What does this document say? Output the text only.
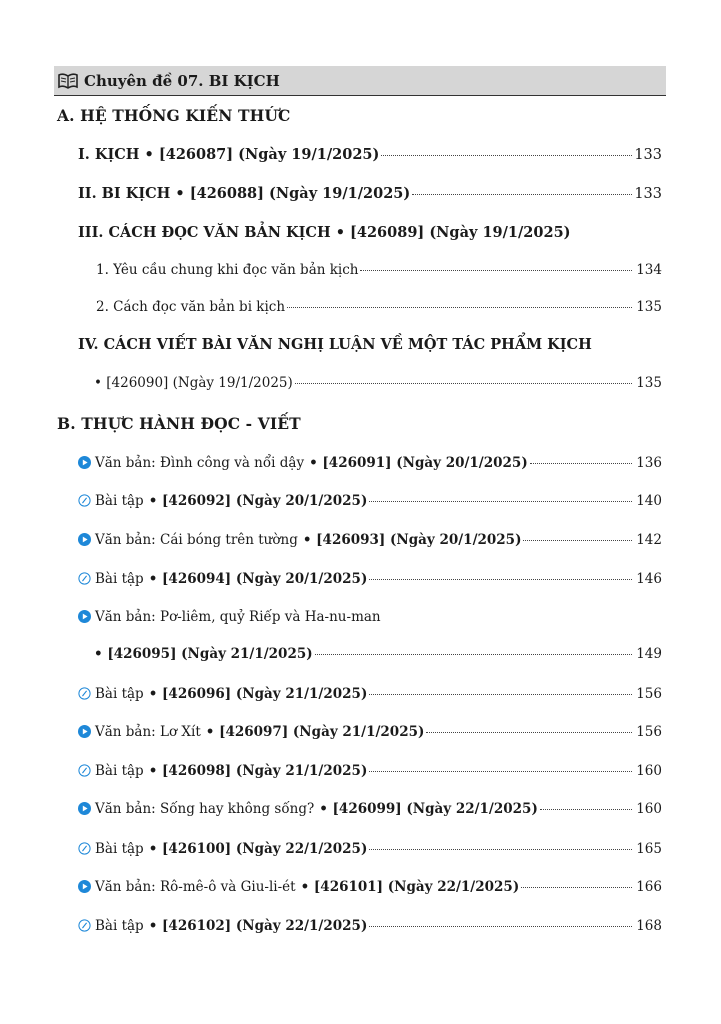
Chuyên đề 07. BI KỊCH
A. HỆ THỐNG KIẾN THỨC
I. KỊCH • [426087] (Ngày 19/1/2025)	133
II. BI KỊCH • [426088] (Ngày 19/1/2025)	133
III. CÁCH ĐỌC VĂN BẢN KỊCH • [426089] (Ngày 19/1/2025)
1. Yêu cầu chung khi đọc văn bản kịch	134
2. Cách đọc văn bản bi kịch	135
IV. CÁCH VIẾT BÀI VĂN NGHỊ LUẬN VỀ MỘT TÁC PHẨM KỊCH
• [426090] (Ngày 19/1/2025)	135
B. THỰC HÀNH ĐỌC - VIẾT
Văn bản: Đình công và nổi dậy • [426091] (Ngày 20/1/2025)	136
Bài tập • [426092] (Ngày 20/1/2025)	140
Văn bản: Cái bóng trên tường • [426093] (Ngày 20/1/2025)	142
Bài tập • [426094] (Ngày 20/1/2025)	146
Văn bản: Pơ-liêm, quỷ Riếp và Ha-nu-man
• [426095] (Ngày 21/1/2025)	149
Bài tập • [426096] (Ngày 21/1/2025)	156
Văn bản: Lơ Xít • [426097] (Ngày 21/1/2025)	156
Bài tập • [426098] (Ngày 21/1/2025)	160
Văn bản: Sống hay không sống? • [426099] (Ngày 22/1/2025)	160
Bài tập • [426100] (Ngày 22/1/2025)	165
Văn bản: Rô-mê-ô và Giu-li-ét • [426101] (Ngày 22/1/2025)	166
Bài tập • [426102] (Ngày 22/1/2025)	168
